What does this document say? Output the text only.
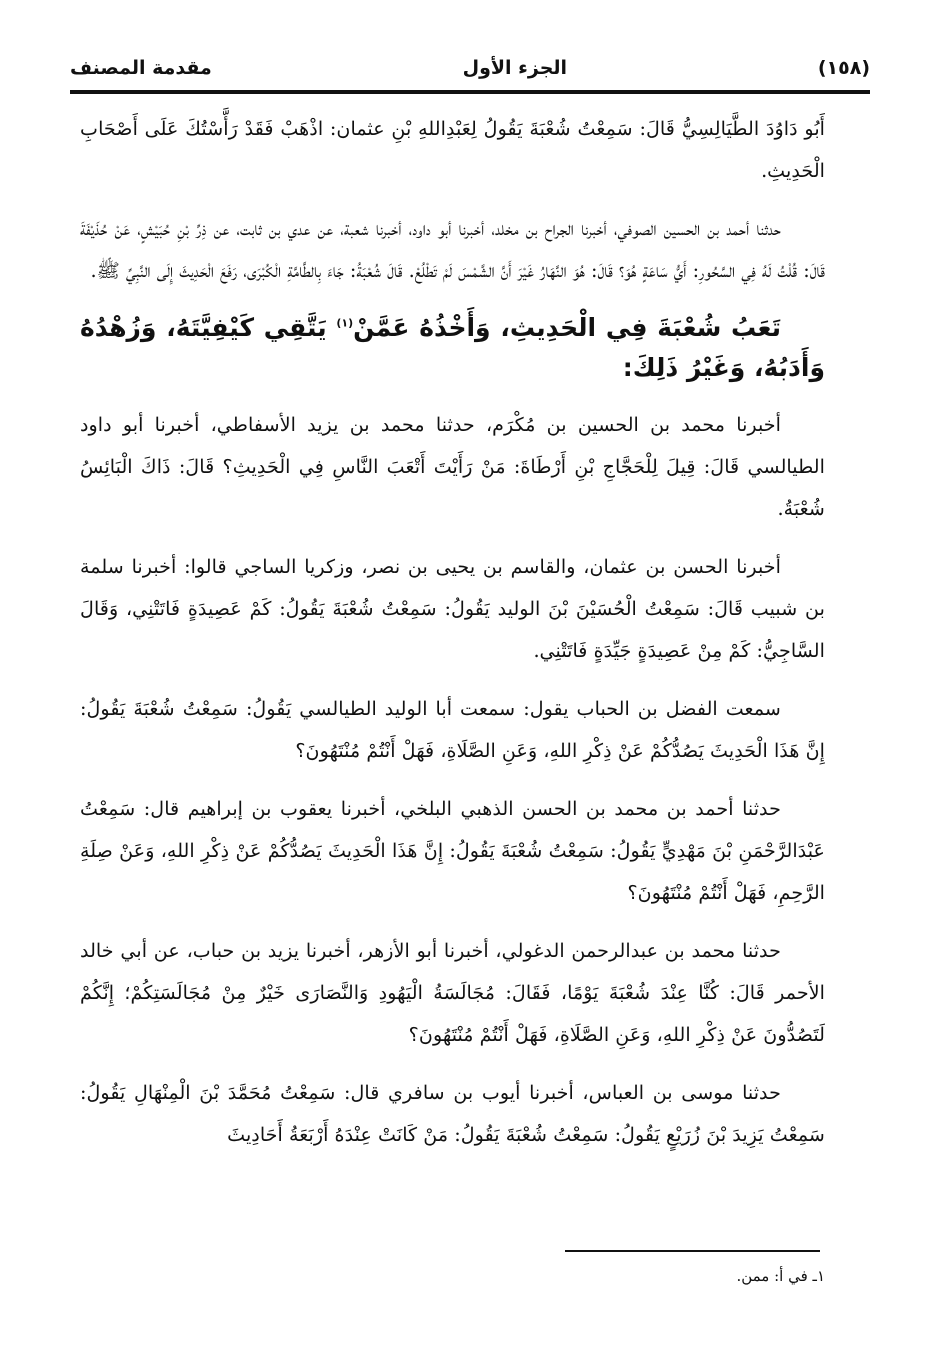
(١٥٨)
الجزء الأول
مقدمة المصنف

أَبُو دَاوُدَ الطَّيَالِسِيُّ قَالَ: سَمِعْتُ شُعْبَةَ يَقُولُ لِعَبْدِاللهِ بْنِ عثمان: اذْهَبْ فَقَدْ رَأَّسْتُكَ عَلَى أَصْحَابِ الْحَدِيثِ.

حدثنا أحمد بن الحسين الصوفي، أخبرنا الجراح بن مخلد، أخبرنا أبو داود، أخبرنا شعبة، عن عدي بن ثابت، عن ذِرِّ بْنِ حُبَيْشٍ، عَنْ حُذَيْفَةَ قَالَ: قُلْتُ لَهُ فِي السَّحُورِ: أَيُّ سَاعَةٍ هُوَ؟ قَالَ: هُوَ النَّهَارُ غَيْرَ أَنَّ الشَّمْسَ لَمْ تَطْلُعْ. قَالَ شُعْبَةُ: جَاءَ بِالطَّامَّةِ الْكُبْرَى، رَفَعَ الْحَدِيثَ إِلَى النَّبِيِّ ﷺ.

تَعَبُ شُعْبَةَ فِي الْحَدِيثِ، وَأَخْذُهُ عَمَّنْ$^{(١)}$ يَتَّقِي كَيْفِيَّتَهُ، وَزُهْدُهُ وَأَدَبُهُ، وَغَيْرُ ذَلِكَ:

أخبرنا محمد بن الحسين بن مُكْرَم، حدثنا محمد بن يزيد الأسفاطي، أخبرنا أبو داود الطيالسي قَالَ: قِيلَ لِلْحَجَّاجِ بْنِ أَرْطَاةَ: مَنْ رَأَيْتَ أَتْعَبَ النَّاسِ فِي الْحَدِيثِ؟ قَالَ: ذَاكَ الْبَائِسُ شُعْبَةُ.

أخبرنا الحسن بن عثمان، والقاسم بن يحيى بن نصر، وزكريا الساجي قالوا: أخبرنا سلمة بن شبيب قَالَ: سَمِعْتُ الْحُسَيْنَ بْنَ الوليد يَقُولُ: سَمِعْتُ شُعْبَةَ يَقُولُ: كَمْ عَصِيدَةٍ فَاتَتْنِي، وَقَالَ السَّاجِيُّ: كَمْ مِنْ عَصِيدَةٍ جَيِّدَةٍ فَاتَتْنِي.

سمعت الفضل بن الحباب يقول: سمعت أبا الوليد الطيالسي يَقُولُ: سَمِعْتُ شُعْبَةَ يَقُولُ: إِنَّ هَذَا الْحَدِيثَ يَصُدُّكُمْ عَنْ ذِكْرِ اللهِ، وَعَنِ الصَّلَاةِ، فَهَلْ أَنْتُمْ مُنْتَهُونَ؟

حدثنا أحمد بن محمد بن الحسن الذهبي البلخي، أخبرنا يعقوب بن إبراهيم قال: سَمِعْتُ عَبْدَالرَّحْمَنِ بْنَ مَهْدِيٍّ يَقُولُ: سَمِعْتُ شُعْبَةَ يَقُولُ: إِنَّ هَذَا الْحَدِيثَ يَصُدُّكُمْ عَنْ ذِكْرِ اللهِ، وَعَنْ صِلَةِ الرَّحِمِ، فَهَلْ أَنْتُمْ مُنْتَهُونَ؟

حدثنا محمد بن عبدالرحمن الدغولي، أخبرنا أبو الأزهر، أخبرنا يزيد بن حباب، عن أبي خالد الأحمر قَالَ: كُنَّا عِنْدَ شُعْبَةَ يَوْمًا، فَقَالَ: مُجَالَسَةُ الْيَهُودِ وَالنَّصَارَى خَيْرٌ مِنْ مُجَالَسَتِكُمْ؛ إِنَّكُمْ لَتَصُدُّونَ عَنْ ذِكْرِ اللهِ، وَعَنِ الصَّلَاةِ، فَهَلْ أَنْتُمْ مُنْتَهُونَ؟

حدثنا موسى بن العباس، أخبرنا أيوب بن سافري قال: سَمِعْتُ مُحَمَّدَ بْنَ الْمِنْهَالِ يَقُولُ: سَمِعْتُ يَزِيدَ بْنَ زُرَيْعٍ يَقُولُ: سَمِعْتُ شُعْبَةَ يَقُولُ: مَنْ كَانَتْ عِنْدَهُ أَرْبَعَةُ أَحَادِيثَ

١ـ في أ: ممن.
